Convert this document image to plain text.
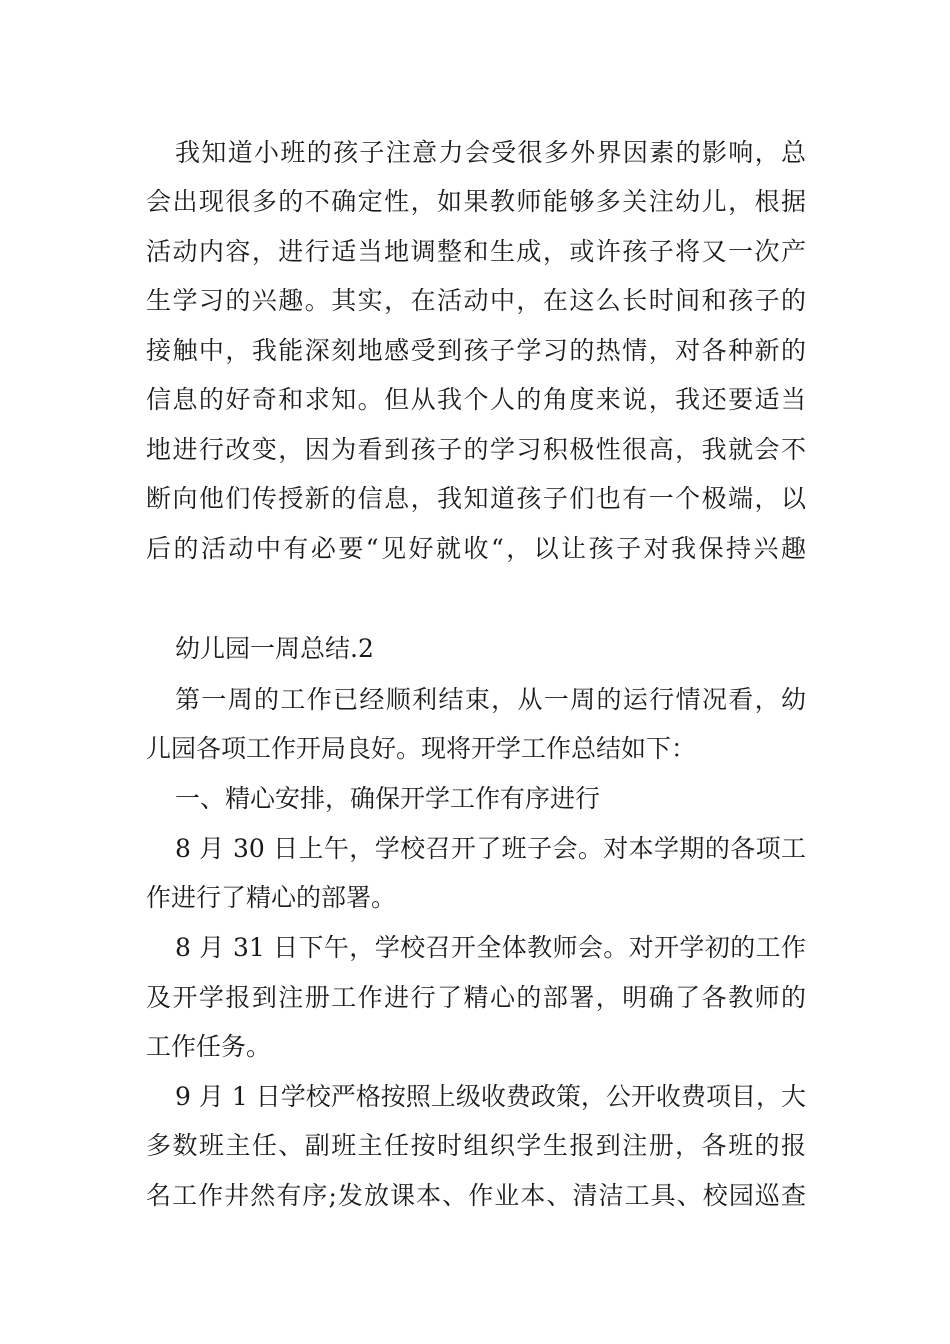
我知道小班的孩子注意力会受很多外界因素的影响，总
会出现很多的不确定性，如果教师能够多关注幼儿，根据
活动内容，进行适当地调整和生成，或许孩子将又一次产
生学习的兴趣。其实，在活动中，在这么长时间和孩子的
接触中，我能深刻地感受到孩子学习的热情，对各种新的
信息的好奇和求知。但从我个人的角度来说，我还要适当
地进行改变，因为看到孩子的学习积极性很高，我就会不
断向他们传授新的信息，我知道孩子们也有一个极端，以
后的活动中有必要“见好就收“，以让孩子对我保持兴趣
幼儿园一周总结.2
第一周的工作已经顺利结束，从一周的运行情况看，幼
儿园各项工作开局良好。现将开学工作总结如下：
一、精心安排，确保开学工作有序进行
8 月 30 日上午，学校召开了班子会。对本学期的各项工
作进行了精心的部署。
8 月 31 日下午，学校召开全体教师会。对开学初的工作
及开学报到注册工作进行了精心的部署，明确了各教师的
工作任务。
9 月 1 日学校严格按照上级收费政策，公开收费项目，大
多数班主任、副班主任按时组织学生报到注册，各班的报
名工作井然有序;发放课本、作业本、清洁工具、校园巡查
